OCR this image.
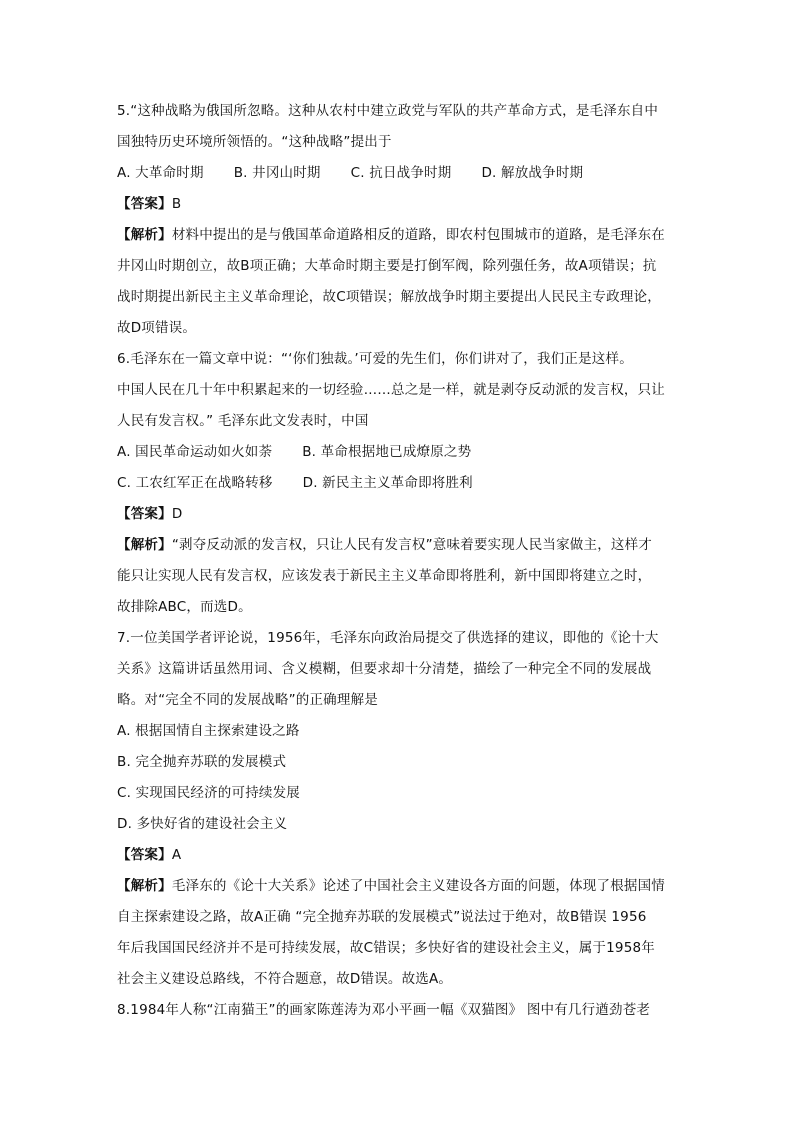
5.“这种战略为俄国所忽略。这种从农村中建立政党与军队的共产革命方式，是毛泽东自中
国独特历史环境所领悟的。“这种战略”提出于
A. 大革命时期 B. 井冈山时期 C. 抗日战争时期 D. 解放战争时期
【答案】B
【解析】材料中提出的是与俄国革命道路相反的道路，即农村包围城市的道路，是毛泽东在
井冈山时期创立，故B项正确；大革命时期主要是打倒军阀，除列强任务，故A项错误；抗
战时期提出新民主主义革命理论，故C项错误；解放战争时期主要提出人民民主专政理论，
故D项错误。
6.毛泽东在一篇文章中说：“‘你们独裁。’可爱的先生们，你们讲对了，我们正是这样。
中国人民在几十年中积累起来的一切经验……总之是一样，就是剥夺反动派的发言权，只让
人民有发言权。” 毛泽东此文发表时，中国
A. 国民革命运动如火如荼 B. 革命根据地已成燎原之势
C. 工农红军正在战略转移 D. 新民主主义革命即将胜利
【答案】D
【解析】“剥夺反动派的发言权，只让人民有发言权”意味着要实现人民当家做主，这样才
能只让实现人民有发言权，应该发表于新民主主义革命即将胜利，新中国即将建立之时，
故排除ABC，而选D。
7.一位美国学者评论说，1956年，毛泽东向政治局提交了供选择的建议，即他的《论十大
关系》这篇讲话虽然用词、含义模糊，但要求却十分清楚，描绘了一种完全不同的发展战
略。对“完全不同的发展战略”的正确理解是
A. 根据国情自主探索建设之路
B. 完全抛弃苏联的发展模式
C. 实现国民经济的可持续发展
D. 多快好省的建设社会主义
【答案】A
【解析】毛泽东的《论十大关系》论述了中国社会主义建设各方面的问题，体现了根据国情
自主探索建设之路，故A正确 “完全抛弃苏联的发展模式”说法过于绝对，故B错误 1956
年后我国国民经济并不是可持续发展，故C错误；多快好省的建设社会主义，属于1958年
社会主义建设总路线，不符合题意，故D错误。故选A。
8.1984年人称“江南猫王”的画家陈莲涛为邓小平画一幅《双猫图》 图中有几行遒劲苍老
